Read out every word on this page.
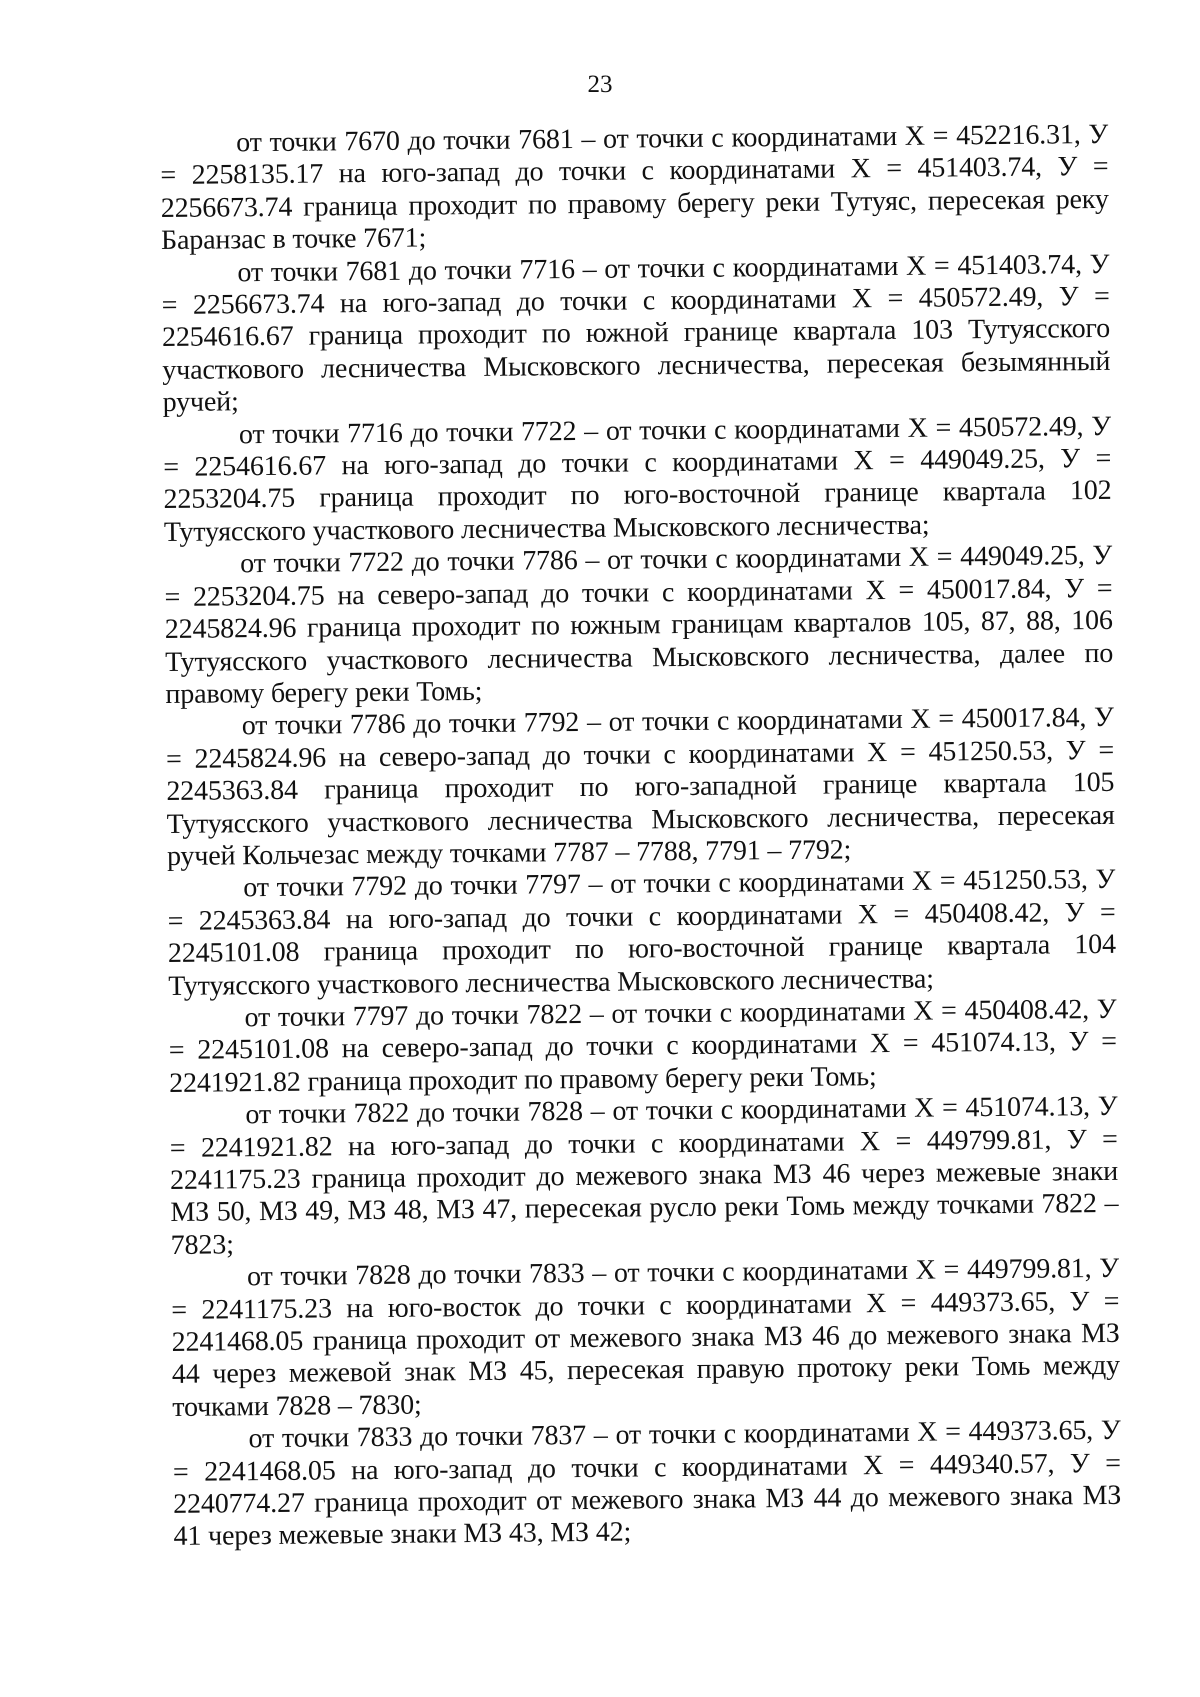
23

от точки 7670 до точки 7681 – от точки с координатами Х = 452216.31, У = 2258135.17 на юго-запад до точки с координатами Х = 451403.74, У = 2256673.74 граница проходит по правому берегу реки Тутуяс, пересекая реку Баранзас в точке 7671;

от точки 7681 до точки 7716 – от точки с координатами Х = 451403.74, У = 2256673.74 на юго-запад до точки с координатами Х = 450572.49, У = 2254616.67 граница проходит по южной границе квартала 103 Тутуясского участкового лесничества Мысковского лесничества, пересекая безымянный ручей;

от точки 7716 до точки 7722 – от точки с координатами Х = 450572.49, У = 2254616.67 на юго-запад до точки с координатами Х = 449049.25, У = 2253204.75 граница проходит по юго-восточной границе квартала 102 Тутуясского участкового лесничества Мысковского лесничества;

от точки 7722 до точки 7786 – от точки с координатами Х = 449049.25, У = 2253204.75 на северо-запад до точки с координатами Х = 450017.84, У = 2245824.96 граница проходит по южным границам кварталов 105, 87, 88, 106 Тутуясского участкового лесничества Мысковского лесничества, далее по правому берегу реки Томь;

от точки 7786 до точки 7792 – от точки с координатами Х = 450017.84, У = 2245824.96 на северо-запад до точки с координатами Х = 451250.53, У = 2245363.84 граница проходит по юго-западной границе квартала 105 Тутуясского участкового лесничества Мысковского лесничества, пересекая ручей Кольчезас между точками 7787 – 7788, 7791 – 7792;

от точки 7792 до точки 7797 – от точки с координатами Х = 451250.53, У = 2245363.84 на юго-запад до точки с координатами Х = 450408.42, У = 2245101.08 граница проходит по юго-восточной границе квартала 104 Тутуясского участкового лесничества Мысковского лесничества;

от точки 7797 до точки 7822 – от точки с координатами Х = 450408.42, У = 2245101.08 на северо-запад до точки с координатами Х = 451074.13, У = 2241921.82 граница проходит по правому берегу реки Томь;

от точки 7822 до точки 7828 – от точки с координатами Х = 451074.13, У = 2241921.82 на юго-запад до точки с координатами Х = 449799.81, У = 2241175.23 граница проходит до межевого знака МЗ 46 через межевые знаки МЗ 50, МЗ 49, МЗ 48, МЗ 47, пересекая русло реки Томь между точками 7822 – 7823;

от точки 7828 до точки 7833 – от точки с координатами Х = 449799.81, У = 2241175.23 на юго-восток до точки с координатами Х = 449373.65, У = 2241468.05 граница проходит от межевого знака МЗ 46 до межевого знака МЗ 44 через межевой знак МЗ 45, пересекая правую протоку реки Томь между точками 7828 – 7830;

от точки 7833 до точки 7837 – от точки с координатами Х = 449373.65, У = 2241468.05 на юго-запад до точки с координатами Х = 449340.57, У = 2240774.27 граница проходит от межевого знака МЗ 44 до межевого знака МЗ 41 через межевые знаки МЗ 43, МЗ 42;
